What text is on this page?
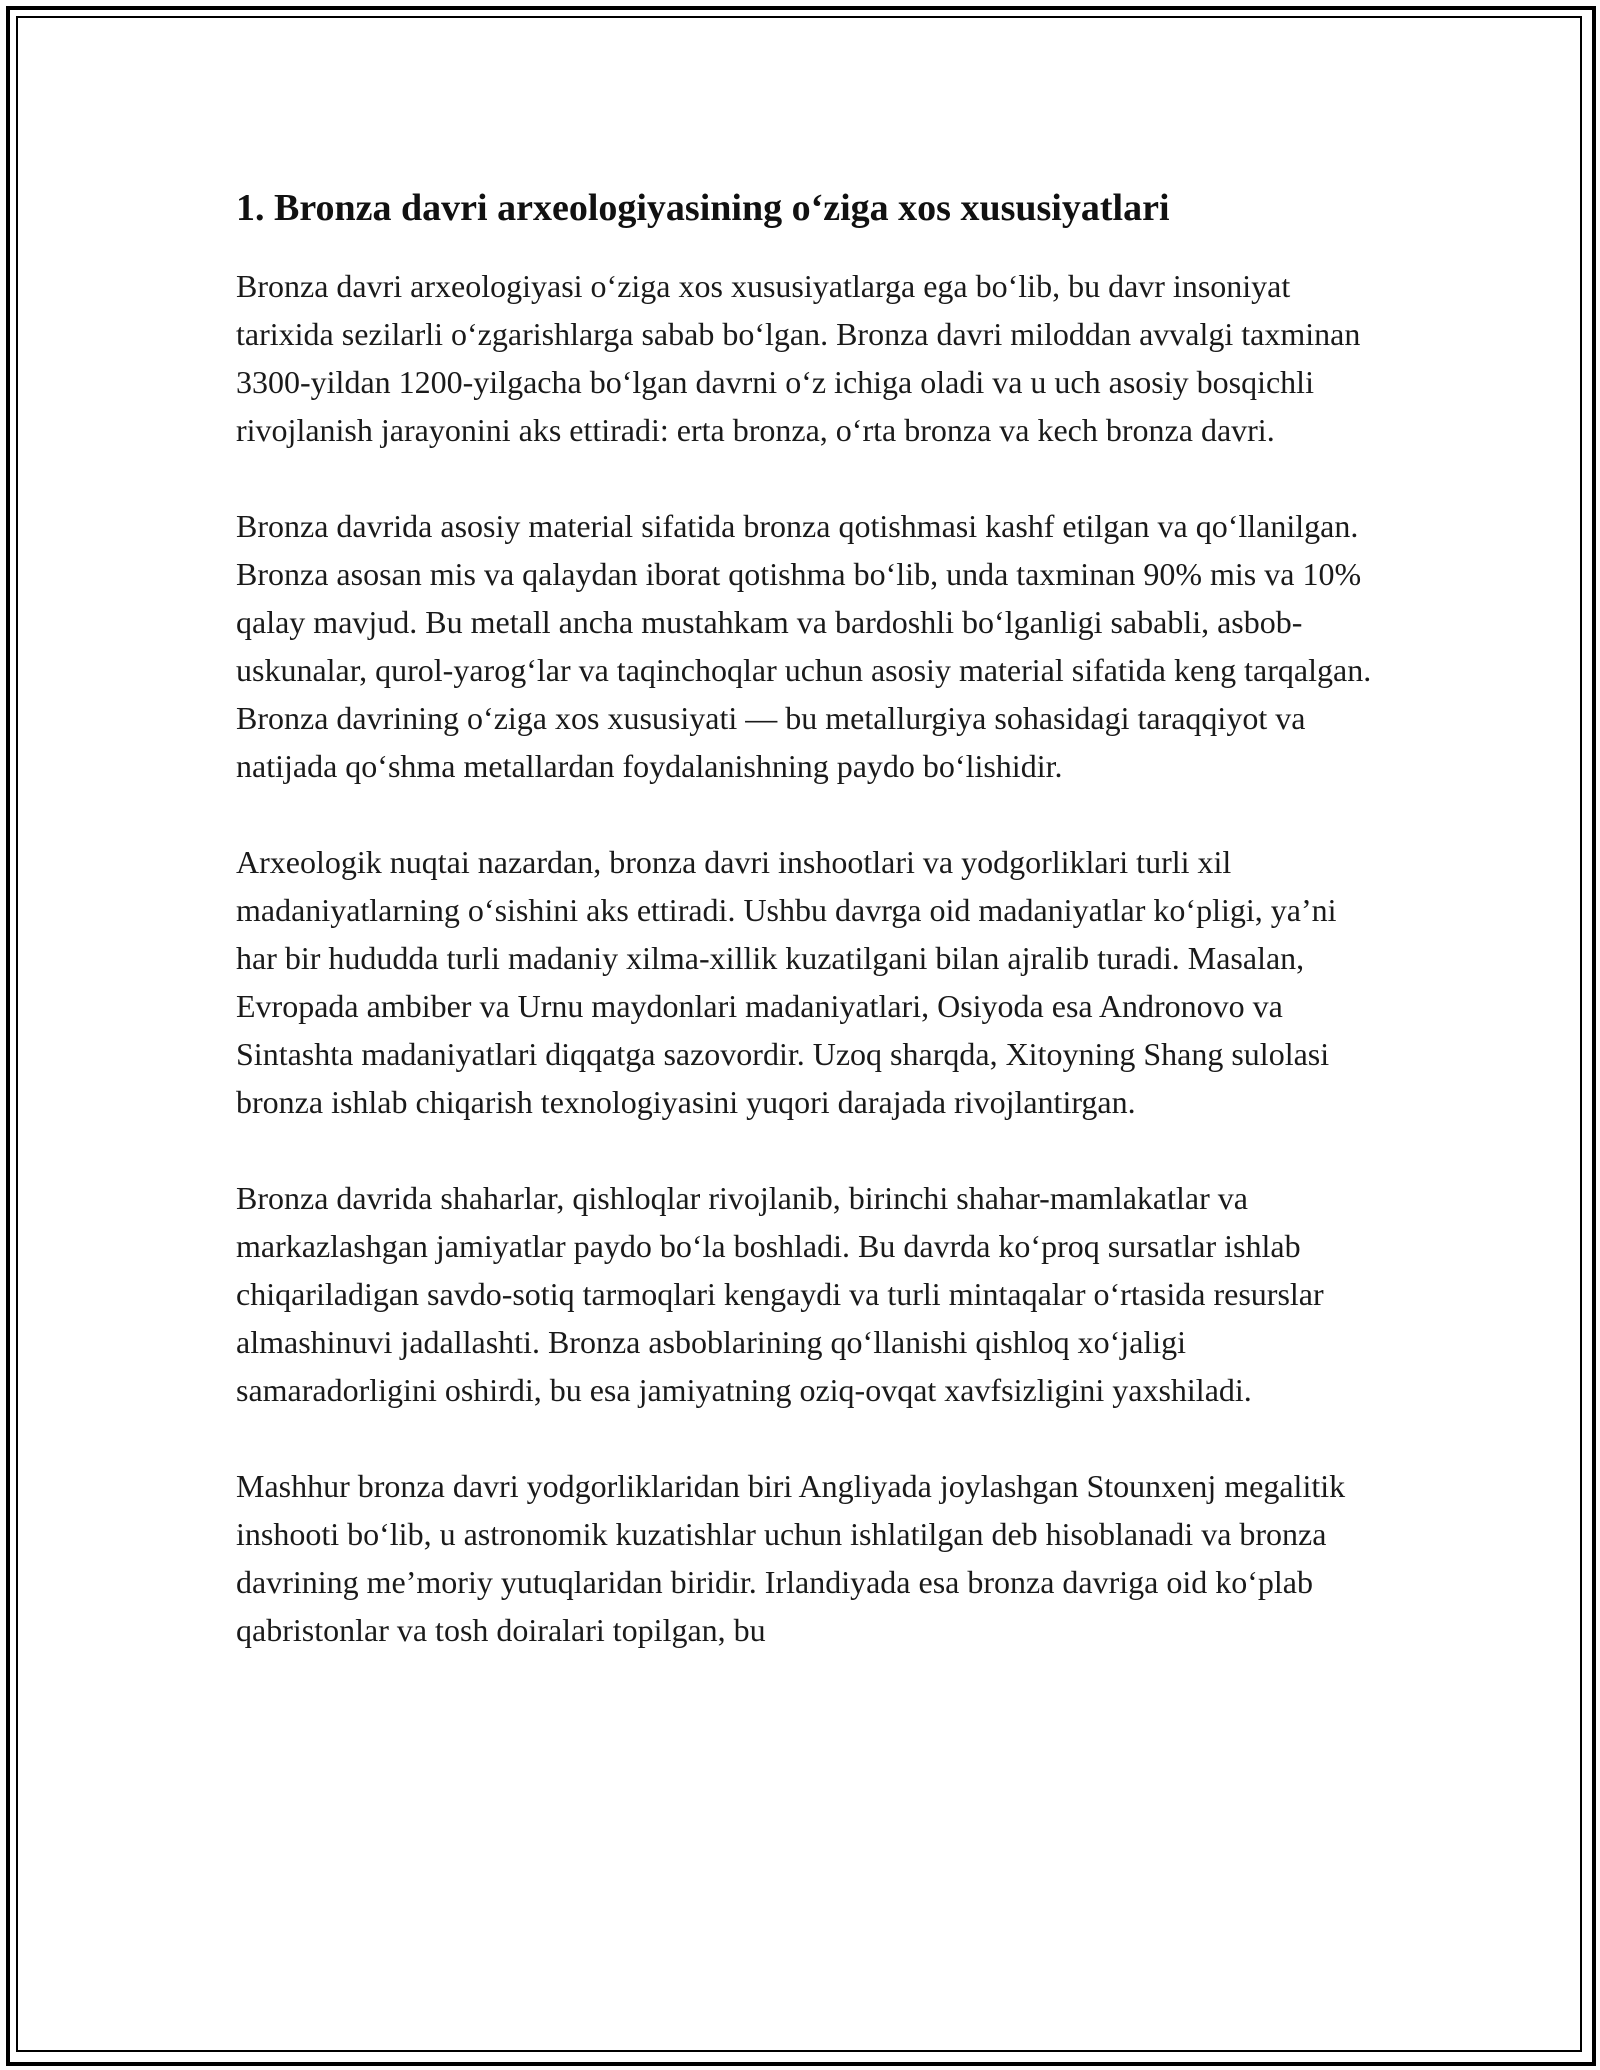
1. Bronza davri arxeologiyasining o‘ziga xos xususiyatlari

Bronza davri arxeologiyasi o‘ziga xos xususiyatlarga ega bo‘lib, bu davr insoniyat tarixida sezilarli o‘zgarishlarga sabab bo‘lgan. Bronza davri miloddan avvalgi taxminan 3300-yildan 1200-yilgacha bo‘lgan davrni o‘z ichiga oladi va u uch asosiy bosqichli rivojlanish jarayonini aks ettiradi: erta bronza, o‘rta bronza va kech bronza davri.

Bronza davrida asosiy material sifatida bronza qotishmasi kashf etilgan va qo‘llanilgan. Bronza asosan mis va qalaydan iborat qotishma bo‘lib, unda taxminan 90% mis va 10% qalay mavjud. Bu metall ancha mustahkam va bardoshli bo‘lganligi sababli, asbob-uskunalar, qurol-yarog‘lar va taqinchoqlar uchun asosiy material sifatida keng tarqalgan. Bronza davrining o‘ziga xos xususiyati — bu metallurgiya sohasidagi taraqqiyot va natijada qo‘shma metallardan foydalanishning paydo bo‘lishidir.

Arxeologik nuqtai nazardan, bronza davri inshootlari va yodgorliklari turli xil madaniyatlarning o‘sishini aks ettiradi. Ushbu davrga oid madaniyatlar ko‘pligi, ya’ni har bir hududda turli madaniy xilma-xillik kuzatilgani bilan ajralib turadi. Masalan, Evropada ambiber va Urnu maydonlari madaniyatlari, Osiyoda esa Andronovo va Sintashta madaniyatlari diqqatga sazovordir. Uzoq sharqda, Xitoyning Shang sulolasi bronza ishlab chiqarish texnologiyasini yuqori darajada rivojlantirgan.

Bronza davrida shaharlar, qishloqlar rivojlanib, birinchi shahar-mamlakatlar va markazlashgan jamiyatlar paydo bo‘la boshladi. Bu davrda ko‘proq sursatlar ishlab chiqariladigan savdo-sotiq tarmoqlari kengaydi va turli mintaqalar o‘rtasida resurslar almashinuvi jadallashti. Bronza asboblarining qo‘llanishi qishloq xo‘jaligi samaradorligini oshirdi, bu esa jamiyatning oziq-ovqat xavfsizligini yaxshiladi.

Mashhur bronza davri yodgorliklaridan biri Angliyada joylashgan Stounxenj megalitik inshooti bo‘lib, u astronomik kuzatishlar uchun ishlatilgan deb hisoblanadi va bronza davrining me’moriy yutuqlaridan biridir. Irlandiyada esa bronza davriga oid ko‘plab qabristonlar va tosh doiralari topilgan, bu
